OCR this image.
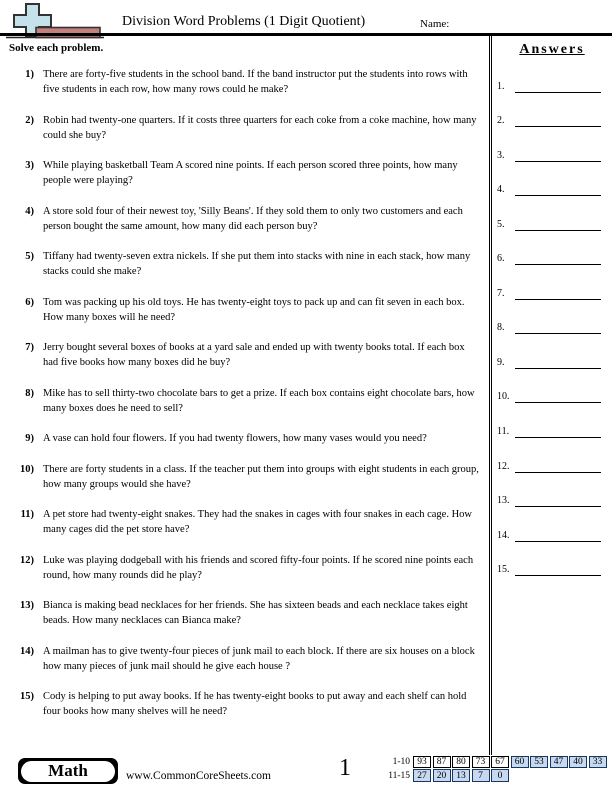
Division Word Problems (1 Digit Quotient)	Name:
Solve each problem.
1) There are forty-five students in the school band. If the band instructor put the students into rows with five students in each row, how many rows could he make?
2) Robin had twenty-one quarters. If it costs three quarters for each coke from a coke machine, how many could she buy?
3) While playing basketball Team A scored nine points. If each person scored three points, how many people were playing?
4) A store sold four of their newest toy, 'Silly Beans'. If they sold them to only two customers and each person bought the same amount, how many did each person buy?
5) Tiffany had twenty-seven extra nickels. If she put them into stacks with nine in each stack, how many stacks could she make?
6) Tom was packing up his old toys. He has twenty-eight toys to pack up and can fit seven in each box. How many boxes will he need?
7) Jerry bought several boxes of books at a yard sale and ended up with twenty books total. If each box had five books how many boxes did he buy?
8) Mike has to sell thirty-two chocolate bars to get a prize. If each box contains eight chocolate bars, how many boxes does he need to sell?
9) A vase can hold four flowers. If you had twenty flowers, how many vases would you need?
10) There are forty students in a class. If the teacher put them into groups with eight students in each group, how many groups would she have?
11) A pet store had twenty-eight snakes. They had the snakes in cages with four snakes in each cage. How many cages did the pet store have?
12) Luke was playing dodgeball with his friends and scored fifty-four points. If he scored nine points each round, how many rounds did he play?
13) Bianca is making bead necklaces for her friends. She has sixteen beads and each necklace takes eight beads. How many necklaces can Bianca make?
14) A mailman has to give twenty-four pieces of junk mail to each block. If there are six houses on a block how many pieces of junk mail should he give each house ?
15) Cody is helping to put away books. If he has twenty-eight books to put away and each shelf can hold four books how many shelves will he need?
Answers
1.
2.
3.
4.
5.
6.
7.
8.
9.
10.
11.
12.
13.
14.
15.
Math	www.CommonCoreSheets.com	1	1-10 93	87	80	73	67	60	53	47	40	33
11-15 27	20	13	7	0
